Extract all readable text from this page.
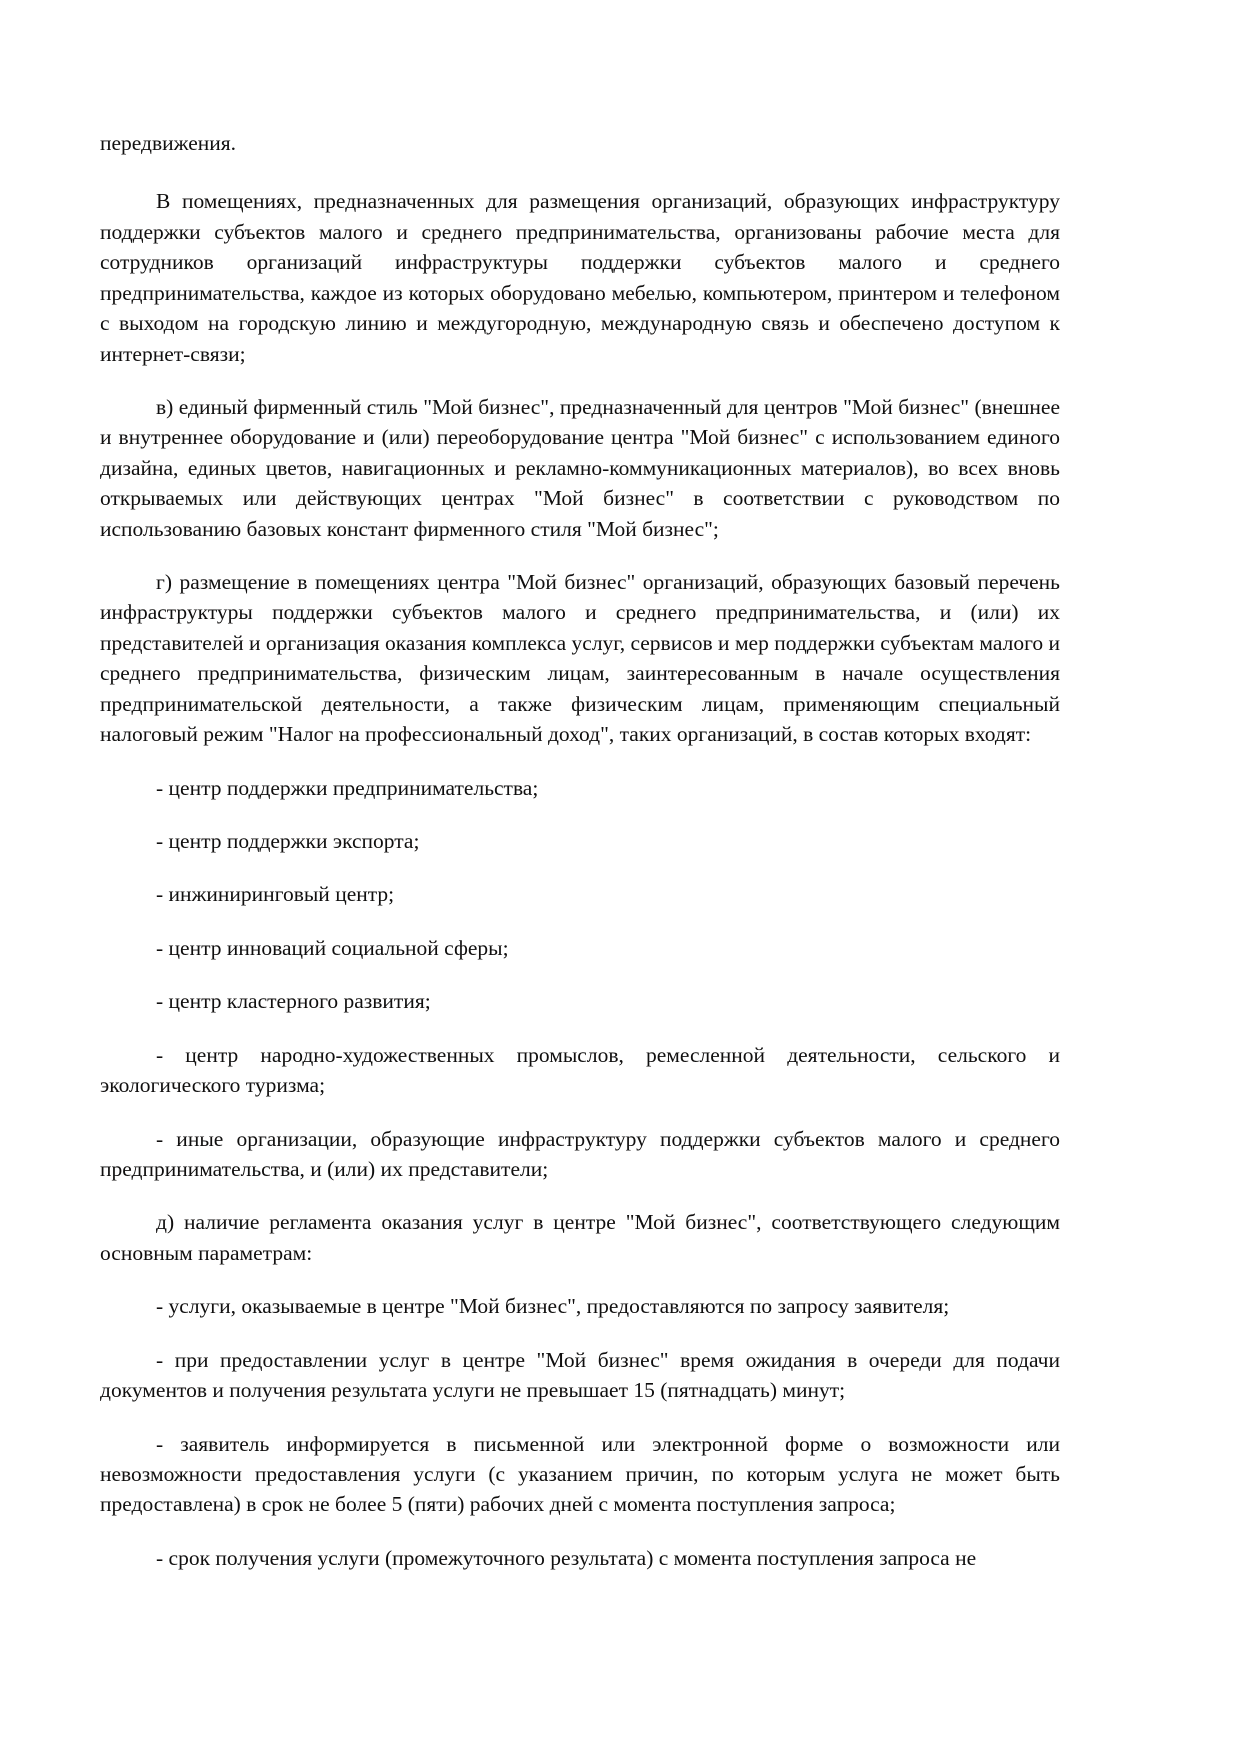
передвижения.

В помещениях, предназначенных для размещения организаций, образующих инфраструктуру поддержки субъектов малого и среднего предпринимательства, организованы рабочие места для сотрудников организаций инфраструктуры поддержки субъектов малого и среднего предпринимательства, каждое из которых оборудовано мебелью, компьютером, принтером и телефоном с выходом на городскую линию и междугородную, международную связь и обеспечено доступом к интернет-связи;

в) единый фирменный стиль "Мой бизнес", предназначенный для центров "Мой бизнес" (внешнее и внутреннее оборудование и (или) переоборудование центра "Мой бизнес" с использованием единого дизайна, единых цветов, навигационных и рекламно-коммуникационных материалов), во всех вновь открываемых или действующих центрах "Мой бизнес" в соответствии с руководством по использованию базовых констант фирменного стиля "Мой бизнес";

г) размещение в помещениях центра "Мой бизнес" организаций, образующих базовый перечень инфраструктуры поддержки субъектов малого и среднего предпринимательства, и (или) их представителей и организация оказания комплекса услуг, сервисов и мер поддержки субъектам малого и среднего предпринимательства, физическим лицам, заинтересованным в начале осуществления предпринимательской деятельности, а также физическим лицам, применяющим специальный налоговый режим "Налог на профессиональный доход", таких организаций, в состав которых входят:

- центр поддержки предпринимательства;

- центр поддержки экспорта;

- инжиниринговый центр;

- центр инноваций социальной сферы;

- центр кластерного развития;

- центр народно-художественных промыслов, ремесленной деятельности, сельского и экологического туризма;

- иные организации, образующие инфраструктуру поддержки субъектов малого и среднего предпринимательства, и (или) их представители;

д) наличие регламента оказания услуг в центре "Мой бизнес", соответствующего следующим основным параметрам:

- услуги, оказываемые в центре "Мой бизнес", предоставляются по запросу заявителя;

- при предоставлении услуг в центре "Мой бизнес" время ожидания в очереди для подачи документов и получения результата услуги не превышает 15 (пятнадцать) минут;

- заявитель информируется в письменной или электронной форме о возможности или невозможности предоставления услуги (с указанием причин, по которым услуга не может быть предоставлена) в срок не более 5 (пяти) рабочих дней с момента поступления запроса;

- срок получения услуги (промежуточного результата) с момента поступления запроса не
